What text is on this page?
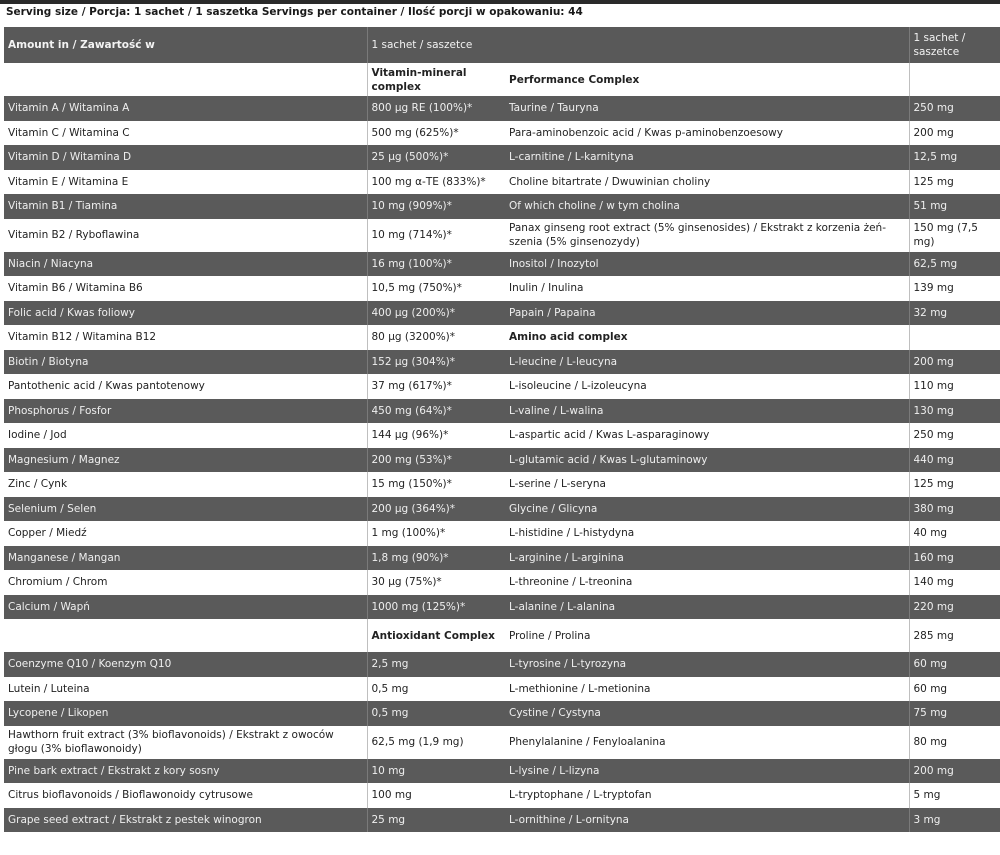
Serving size / Porcja: 1 sachet / 1 saszetka Servings per container / Ilość porcji w opakowaniu: 44
Amount in / Zawartość w	1 sachet / saszetce		1 sachet / saszetce
	Vitamin-mineral complex	Performance Complex	
Vitamin A / Witamina A	800 µg RE (100%)*	Taurine / Tauryna	250 mg
Vitamin C / Witamina C	500 mg (625%)*	Para-aminobenzoic acid / Kwas p-aminobenzoesowy	200 mg
Vitamin D / Witamina D	25 µg (500%)*	L-carnitine / L-karnityna	12,5 mg
Vitamin E / Witamina E	100 mg α-TE (833%)*	Choline bitartrate / Dwuwinian choliny	125 mg
Vitamin B1 / Tiamina	10 mg (909%)*	Of which choline / w tym cholina	51 mg
Vitamin B2 / Ryboflawina	10 mg (714%)*	Panax ginseng root extract (5% ginsenosides) / Ekstrakt z korzenia żeń-szenia (5% ginsenozydy)	150 mg (7,5 mg)
Niacin / Niacyna	16 mg (100%)*	Inositol / Inozytol	62,5 mg
Vitamin B6 / Witamina B6	10,5 mg (750%)*	Inulin / Inulina	139 mg
Folic acid / Kwas foliowy	400 µg (200%)*	Papain / Papaina	32 mg
Vitamin B12 / Witamina B12	80 µg (3200%)*	Amino acid complex	
Biotin / Biotyna	152 µg (304%)*	L-leucine / L-leucyna	200 mg
Pantothenic acid / Kwas pantotenowy	37 mg (617%)*	L-isoleucine / L-izoleucyna	110 mg
Phosphorus / Fosfor	450 mg (64%)*	L-valine / L-walina	130 mg
Iodine / Jod	144 µg (96%)*	L-aspartic acid / Kwas L-asparaginowy	250 mg
Magnesium / Magnez	200 mg (53%)*	L-glutamic acid / Kwas L-glutaminowy	440 mg
Zinc / Cynk	15 mg (150%)*	L-serine / L-seryna	125 mg
Selenium / Selen	200 µg (364%)*	Glycine / Glicyna	380 mg
Copper / Miedź	1 mg (100%)*	L-histidine / L-histydyna	40 mg
Manganese / Mangan	1,8 mg (90%)*	L-arginine / L-arginina	160 mg
Chromium / Chrom	30 µg (75%)*	L-threonine / L-treonina	140 mg
Calcium / Wapń	1000 mg (125%)*	L-alanine / L-alanina	220 mg
	Antioxidant Complex	Proline / Prolina	285 mg
Coenzyme Q10 / Koenzym Q10	2,5 mg	L-tyrosine / L-tyrozyna	60 mg
Lutein / Luteina	0,5 mg	L-methionine / L-metionina	60 mg
Lycopene / Likopen	0,5 mg	Cystine / Cystyna	75 mg
Hawthorn fruit extract (3% bioflavonoids) / Ekstrakt z owoców głogu (3% bioflawonoidy)	62,5 mg (1,9 mg)	Phenylalanine / Fenyloalanina	80 mg
Pine bark extract / Ekstrakt z kory sosny	10 mg	L-lysine / L-lizyna	200 mg
Citrus bioflavonoids / Bioflawonoidy cytrusowe	100 mg	L-tryptophane / L-tryptofan	5 mg
Grape seed extract / Ekstrakt z pestek winogron	25 mg	L-ornithine / L-ornityna	3 mg
